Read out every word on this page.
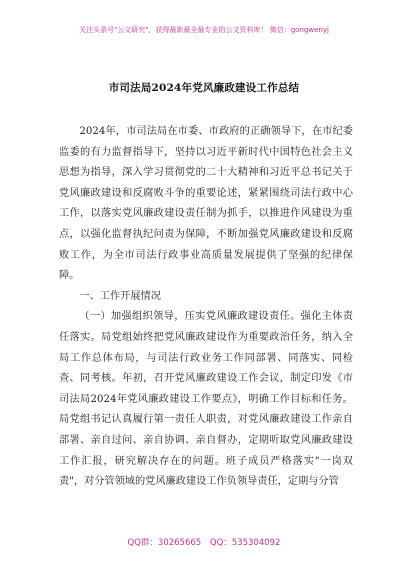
关注头条号"公文研究"，获得最新最全最专业的公文资料库！ 微信：gongwenyj
市司法局2024年党风廉政建设工作总结

2024年，市司法局在市委、市政府的正确领导下，在市纪委监委的有力监督指导下，坚持以习近平新时代中国特色社会主义思想为指导，深入学习贯彻党的二十大精神和习近平总书记关于党风廉政建设和反腐败斗争的重要论述，紧紧围绕司法行政中心工作，以落实党风廉政建设责任制为抓手，以推进作风建设为重点，以强化监督执纪问责为保障，不断加强党风廉政建设和反腐败工作，为全市司法行政事业高质量发展提供了坚强的纪律保障。

一、工作开展情况

（一）加强组织领导，压实党风廉政建设责任。强化主体责任落实。局党组始终把党风廉政建设作为重要政治任务，纳入全局工作总体布局，与司法行政业务工作同部署、同落实、同检查、同考核。年初，召开党风廉政建设工作会议，制定印发《市司法局2024年党风廉政建设工作要点》，明确工作目标和任务。局党组书记认真履行第一责任人职责，对党风廉政建设工作亲自部署、亲自过问、亲自协调、亲自督办，定期听取党风廉政建设工作汇报，研究解决存在的问题。班子成员严格落实"一岗双责"，对分管领域的党风廉政建设工作负领导责任，定期与分管

QQ群：30265665 QQ：535304092
